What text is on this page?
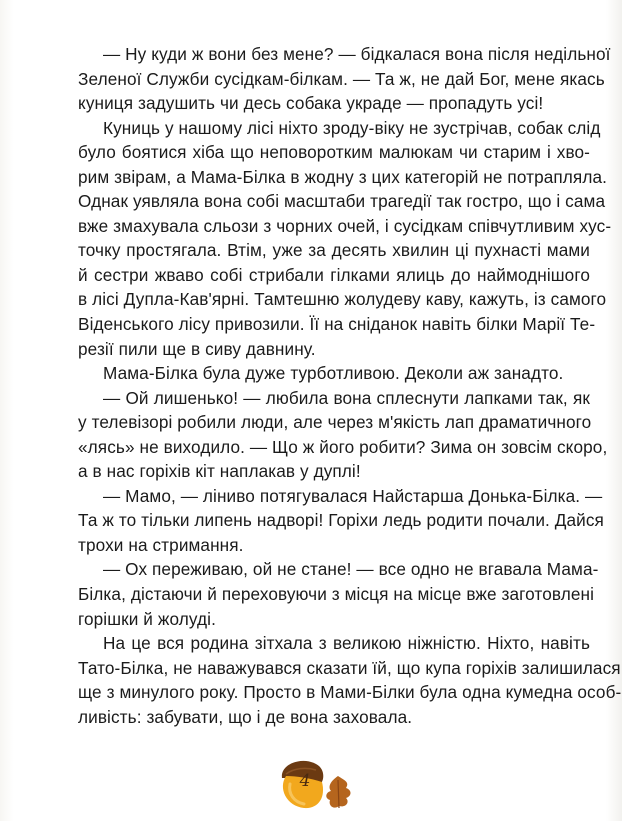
— Ну куди ж вони без мене? — бідкалася вона після недільної
Зеленої Служби сусідкам-білкам. — Та ж, не дай Бог, мене якась
куниця задушить чи десь собака украде — пропадуть усі!

Куниць у нашому лісі ніхто зроду-віку не зустрічав, собак слід
було боятися хіба що неповоротким малюкам чи старим і хво-
рим звірам, а Мама-Білка в жодну з цих категорій не потрапляла.
Однак уявляла вона собі масштаби трагедії так гостро, що і сама
вже змахувала сльози з чорних очей, і сусідкам співчутливим хус-
точку простягала. Втім, уже за десять хвилин ці пухнасті мами
й сестри жваво собі стрибали гілками ялиць до наймоднішого
в лісі Дупла-Кав'ярні. Тамтешню жолудеву каву, кажуть, із самого
Віденського лісу привозили. Її на сніданок навіть білки Марії Те-
резії пили ще в сиву давнину.

Мама-Білка була дуже турботливою. Деколи аж занадто.

— Ой лишенько! — любила вона сплеснути лапками так, як
у телевізорі робили люди, але через м'якість лап драматичного
«лясь» не виходило. — Що ж його робити? Зима он зовсім скоро,
а в нас горіхів кіт наплакав у дуплі!

— Мамо, — ліниво потягувалася Найстарша Донька-Білка. —
Та ж то тільки липень надворі! Горіхи ледь родити почали. Дайся
трохи на стримання.

— Ох переживаю, ой не стане! — все одно не вгавала Мама-
Білка, дістаючи й переховуючи з місця на місце вже заготовлені
горішки й жолуді.

На це вся родина зітхала з великою ніжністю. Ніхто, навіть
Тато-Білка, не наважувався сказати їй, що купа горіхів залишилася
ще з минулого року. Просто в Мами-Білки була одна кумедна особ-
ливість: забувати, що і де вона заховала.

4
